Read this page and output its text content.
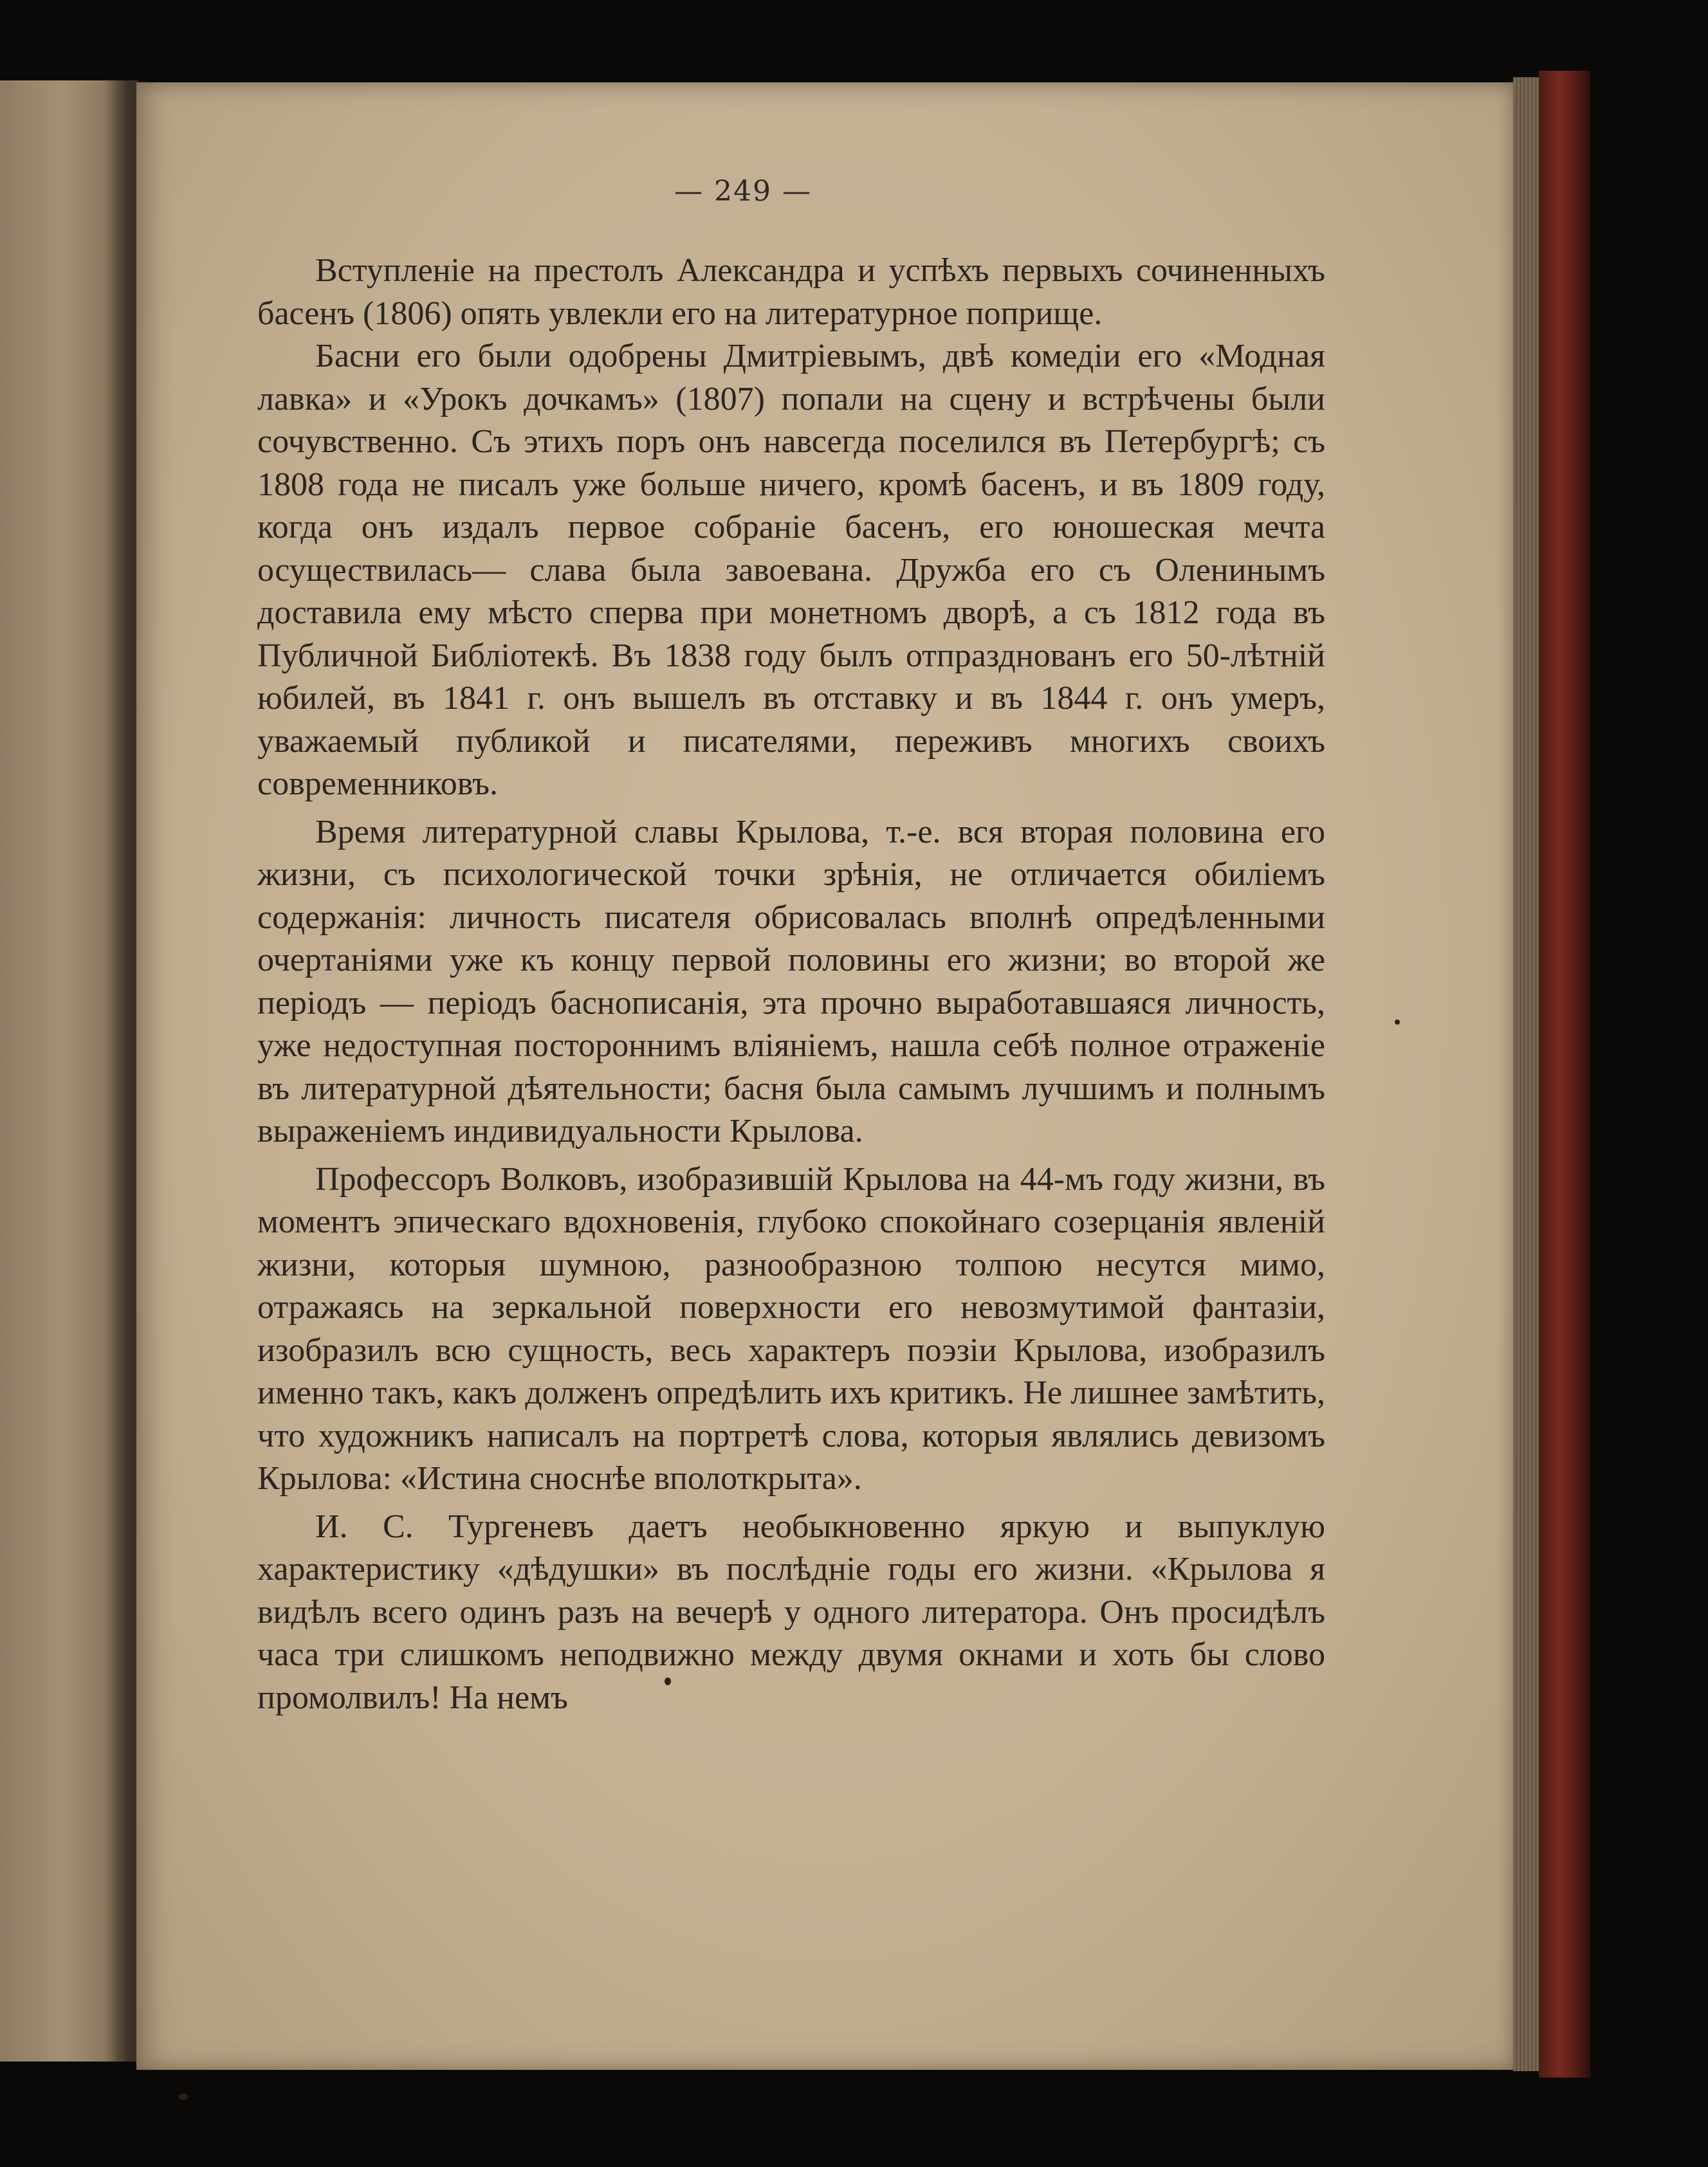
— 249 —

Вступленіе на престолъ Александра и успѣхъ первыхъ сочиненныхъ басенъ (1806) опять увлекли его на литературное поприще.

Басни его были одобрены Дмитріевымъ, двѣ комедіи его «Модная лавка» и «Урокъ дочкамъ» (1807) попали на сцену и встрѣчены были сочувственно. Съ этихъ поръ онъ навсегда поселился въ Петербургѣ; съ 1808 года не писалъ уже больше ничего, кромѣ басенъ, и въ 1809 году, когда онъ издалъ первое собраніе басенъ, его юношеская мечта осуществилась— слава была завоевана. Дружба его съ Оленинымъ доставила ему мѣсто сперва при монетномъ дворѣ, а съ 1812 года въ Публичной Библіотекѣ. Въ 1838 году былъ отпразднованъ его 50-лѣтній юбилей, въ 1841 г. онъ вышелъ въ отставку и въ 1844 г. онъ умеръ, уважаемый публикой и писателями, переживъ многихъ своихъ современниковъ.

Время литературной славы Крылова, т.-е. вся вторая половина его жизни, съ психологической точки зрѣнія, не отличается обиліемъ содержанія: личность писателя обрисовалась вполнѣ опредѣленными очертаніями уже къ концу первой половины его жизни; во второй же періодъ — періодъ баснописанія, эта прочно выработавшаяся личность, уже недоступная постороннимъ вліяніемъ, нашла себѣ полное отраженіе въ литературной дѣятельности; басня была самымъ лучшимъ и полнымъ выраженіемъ индивидуальности Крылова.

Профессоръ Волковъ, изобразившій Крылова на 44-мъ году жизни, въ моментъ эпическаго вдохновенія, глубоко спокойнаго созерцанія явленій жизни, которыя шумною, разнообразною толпою несутся мимо, отражаясь на зеркальной поверхности его невозмутимой фантазіи, изобразилъ всю сущность, весь характеръ поэзіи Крылова, изобразилъ именно такъ, какъ долженъ опредѣлить ихъ критикъ. Не лишнее замѣтить, что художникъ написалъ на портретѣ слова, которыя являлись девизомъ Крылова: «Истина сноснѣе вполоткрыта».

И. С. Тургеневъ даетъ необыкновенно яркую и выпуклую характеристику «дѣдушки» въ послѣдніе годы его жизни. «Крылова я видѣлъ всего одинъ разъ на вечерѣ у одного литератора. Онъ просидѣлъ часа три слишкомъ неподвижно между двумя окнами и хоть бы слово промолвилъ! На немъ
